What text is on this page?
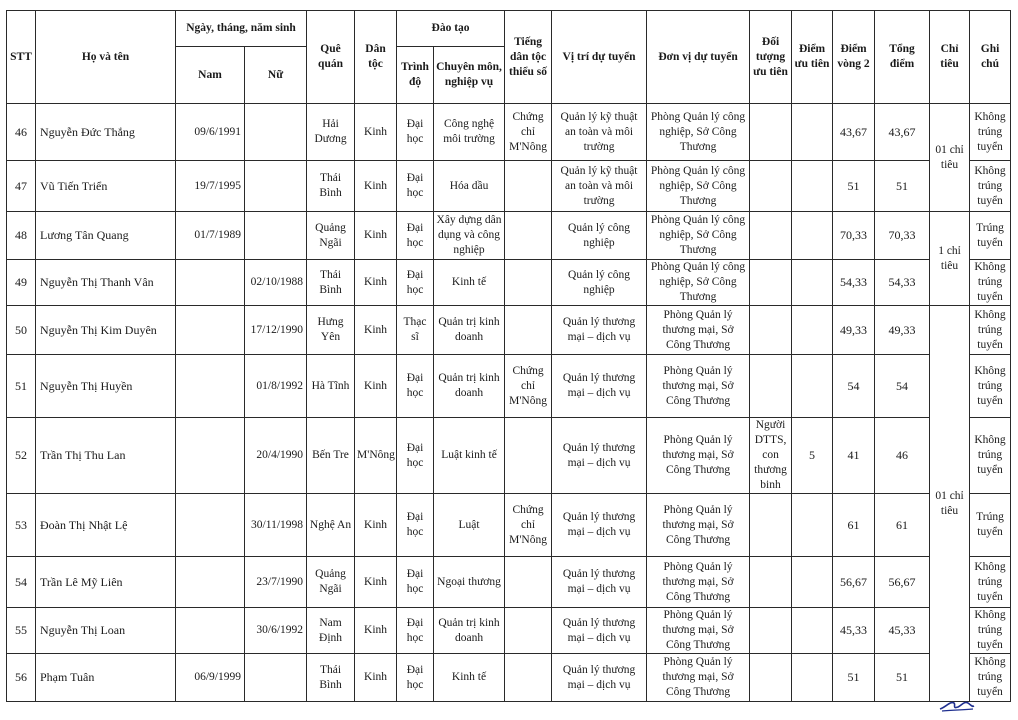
STT	Họ và tên	Ngày, tháng, năm sinh		Quê quán	Dân tộc	Đào tạo		Tiếng dân tộc thiểu số	Vị trí dự tuyển	Đơn vị dự tuyển	Đối tượng ưu tiên	Điểm ưu tiên	Điểm vòng 2	Tổng điểm	Chỉ tiêu	Ghi chú
		Nam	Nữ			Trình độ	Chuyên môn, nghiệp vụ									
46	Nguyễn Đức Thắng	09/6/1991		Hải Dương	Kinh	Đại học	Công nghệ môi trường	Chứng chỉ M'Nông	Quản lý kỹ thuật an toàn và môi trường	Phòng Quản lý công nghiệp, Sở Công Thương			43,67	43,67	01 chỉ tiêu	Không trúng tuyển
47	Vũ Tiến Triển	19/7/1995		Thái Bình	Kinh	Đại học	Hóa dầu		Quản lý kỹ thuật an toàn và môi trường	Phòng Quản lý công nghiệp, Sở Công Thương			51	51		Không trúng tuyển
48	Lương Tân Quang	01/7/1989		Quảng Ngãi	Kinh	Đại học	Xây dựng dân dụng và công nghiệp		Quản lý công nghiệp	Phòng Quản lý công nghiệp, Sở Công Thương			70,33	70,33	1 chỉ tiêu	Trúng tuyển
49	Nguyễn Thị Thanh Vân		02/10/1988	Thái Bình	Kinh	Đại học	Kinh tế		Quản lý công nghiệp	Phòng Quản lý công nghiệp, Sở Công Thương			54,33	54,33		Không trúng tuyển
50	Nguyễn Thị Kim Duyên		17/12/1990	Hưng Yên	Kinh	Thạc sĩ	Quản trị kinh doanh		Quản lý thương mại – dịch vụ	Phòng Quản lý thương mại, Sở Công Thương			49,33	49,33	01 chỉ tiêu	Không trúng tuyển
51	Nguyễn Thị Huyền		01/8/1992	Hà Tĩnh	Kinh	Đại học	Quản trị kinh doanh	Chứng chỉ M'Nông	Quản lý thương mại – dịch vụ	Phòng Quản lý thương mại, Sở Công Thương			54	54		Không trúng tuyển
52	Trần Thị Thu Lan		20/4/1990	Bến Tre	M'Nông	Đại học	Luật kinh tế		Quản lý thương mại – dịch vụ	Phòng Quản lý thương mại, Sở Công Thương	Người DTTS, con thương binh	5	41	46		Không trúng tuyển
53	Đoàn Thị Nhật Lệ		30/11/1998	Nghệ An	Kinh	Đại học	Luật	Chứng chỉ M'Nông	Quản lý thương mại – dịch vụ	Phòng Quản lý thương mại, Sở Công Thương			61	61		Trúng tuyển
54	Trần Lê Mỹ Liên		23/7/1990	Quảng Ngãi	Kinh	Đại học	Ngoại thương		Quản lý thương mại – dịch vụ	Phòng Quản lý thương mại, Sở Công Thương			56,67	56,67		Không trúng tuyển
55	Nguyễn Thị Loan		30/6/1992	Nam Định	Kinh	Đại học	Quản trị kinh doanh		Quản lý thương mại – dịch vụ	Phòng Quản lý thương mại, Sở Công Thương			45,33	45,33		Không trúng tuyển
56	Phạm Tuân	06/9/1999		Thái Bình	Kinh	Đại học	Kinh tế		Quản lý thương mại – dịch vụ	Phòng Quản lý thương mại, Sở Công Thương			51	51		Không trúng tuyển
